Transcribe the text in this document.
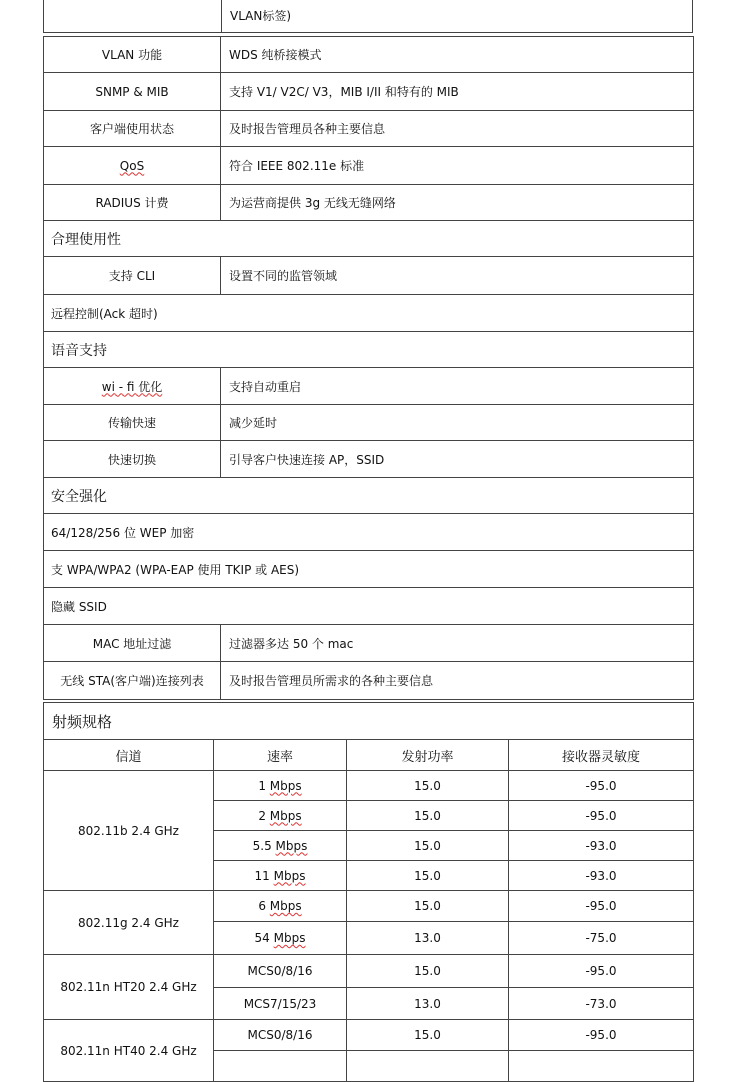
	VLAN标签)
VLAN 功能	WDS 纯桥接模式
SNMP & MIB	支持 V1/ V2C/ V3，MIB I/II 和特有的 MIB
客户端使用状态	及时报告管理员各种主要信息
QoS	符合 IEEE 802.11e 标准
RADIUS 计费	为运营商提供 3g 无线无缝网络
合理使用性	
支持 CLI	设置不同的监管领域
远程控制(Ack 超时)	
语音支持	
wi - fi 优化	支持自动重启
传输快速	减少延时
快速切换	引导客户快速连接 AP，SSID
安全强化	
64/128/256 位 WEP 加密	
支 WPA/WPA2 (WPA-EAP 使用 TKIP 或 AES)	
隐藏 SSID	
MAC 地址过滤	过滤器多达 50 个 mac
无线 STA(客户端)连接列表	及时报告管理员所需求的各种主要信息
射频规格			
信道	速率	发射功率	接收器灵敏度
802.11b 2.4 GHz	1 Mbps	15.0	-95.0
	2 Mbps	15.0	-95.0
	5.5 Mbps	15.0	-93.0
	11 Mbps	15.0	-93.0
802.11g 2.4 GHz	6 Mbps	15.0	-95.0
	54 Mbps	13.0	-75.0
802.11n HT20 2.4 GHz	MCS0/8/16	15.0	-95.0
	MCS7/15/23	13.0	-73.0
802.11n HT40 2.4 GHz	MCS0/8/16	15.0	-95.0
